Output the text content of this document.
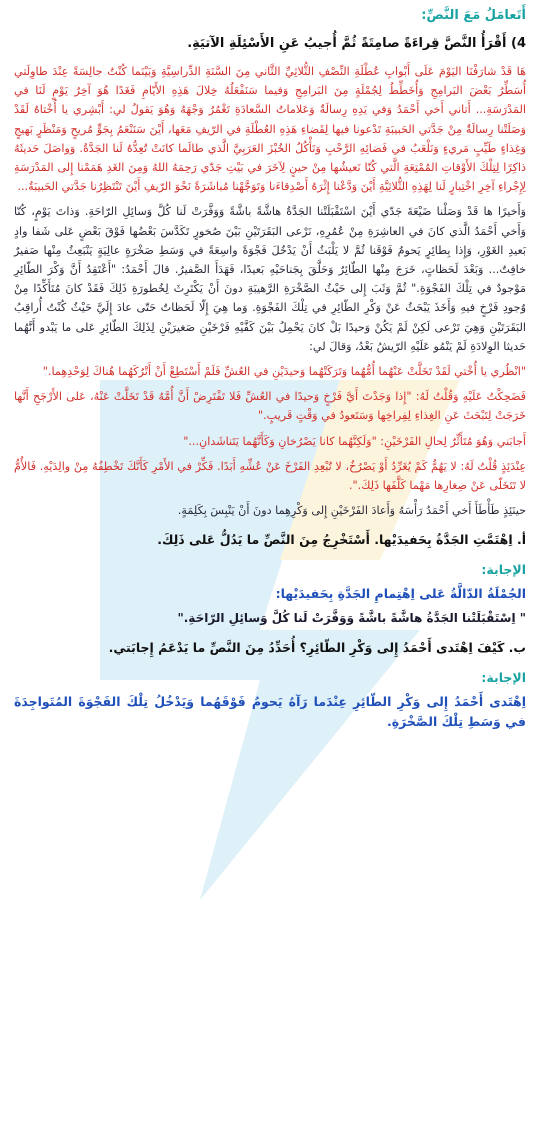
أَتَعامَلُ مَعَ النَّصِّ:
4) أَقْرَأُ النَّصَّ قِراءَةً صامِتَةً ثُمَّ أُجيبُ عَنِ الأَسْئِلَةِ الآتيَةِ.
هَا قَدْ شارَفْنَا اليَوْمَ عَلَى أَبْوابِ عُطْلَةِ النِّصْفِ الثُّلاثِيِّ الثَّاني مِنَ السَّنَةِ الدِّراسِيَّةِ وَبَيْنَما كُنْتُ جالِسَةً عِنْدَ طاوِلَتي أُسَطِّرُ بَعْضَ البَرامِجِ وَأُخَطِّطُ لِجُمْلَةٍ مِنَ البَرامِجِ وَفيما سَنَفْعَلُهُ خِلالَ هَذِهِ الأَيّامِ فَغَدًا هُوَ آخِرُ يَوْمٍ لَنَا في المَدْرَسَةِ... أَتاني أَخي أَحْمَدُ وَفي يَدِهِ رِسالَةٌ وَعَلاماتُ السَّعادَةِ تَغْمُرُ وَجْهَهُ وَهُوَ يَقولُ لي: أَبْشِري يا أُخْتاهُ لَقَدْ وَصَلَتْنا رِسالَةٌ مِنْ جَدَّتي الحَبيبَةِ تَدْعونا فيها لِقَضاءِ هَذِهِ العُطْلَةِ في الرّيفِ مَعَها، أَيْنَ سَنَنْعَمُ بِجَوٍّ مُريحٍ وَمَنْظَرٍ بَهيجٍ وَغِذاءٍ طَيِّبٍ مَريءٍ وَنَلْعَبُ في فَضائِهِ الرَّحْبِ وَنَأْكُلُ الخُبْزَ العَرَبِيَّ الَّذي طالَما كانَتْ تُعِدُّهُ لَنا الجَدَّةُ. وَواصَلَ حَديثَهُ ذاكِرًا لِتِلْكَ الأَوْقاتِ المُمْتِعَةِ الَّتي كُنّا نَعيشُها مِنْ حينٍ لِآخَرَ في بَيْتِ جَدّي رَحِمَهُ اللهُ وَمِنَ الغَدِ هَمَمْنا إِلى المَدْرَسَةِ لِإِجْراءِ آخِرِ اخْتِبارٍ لَنا لِهَذِهِ الثُّلاثِيَّةِ أَيْنَ وَدَّعْنا إِثْرَهُ أَصْدِقاءَنا وَتَوَجَّهْنا مُباشَرَةً نَحْوَ الرّيفِ أَيْنَ تَنْتَظِرُنا جَدَّتي الحَبيبَةُ...
وَأَخيرًا ها قَدْ وَصَلْنا ضَيْعَةَ جَدّي أَيْنَ اسْتَقْبَلَتْنا الجَدَّةُ هاشَّةً باشَّةً وَوَفَّرَتْ لَنا كُلَّ وَسائِلِ الرّاحَةِ. وَذاتَ يَوْمٍ، كُنّا وَأَخي أَحْمَدُ الَّذي كانَ في العاشِرَةِ مِنْ عُمُرِهِ، نَرْعى البَقَرَتَيْنِ بَيْنَ صُخورٍ تَكَدَّسَ بَعْضُها فَوْقَ بَعْضٍ عَلى شَفا وادٍ بَعيدِ الغَوْرِ، وَإِذا بِطائِرٍ يَحومُ فَوْقَنا ثُمَّ لا يَلْبَثُ أَنْ يَدْخُلَ فَجْوَةً واسِعَةً في وَسَطِ صَخْرَةٍ عالِيَةٍ يَنْبَعِثُ مِنْها صَفيرٌ خافِتٌ... وَبَعْدَ لَحَظاتٍ، خَرَجَ مِنْها الطّائِرُ وَحَلَّقَ بِجَناحَيْهِ بَعيدًا، فَهَدَأَ الصَّفيرُ. قالَ أَحْمَدُ: "أَعْتَقِدُ أَنَّ وَكْرَ الطّائِرِ مَوْجودٌ في تِلْكَ الفَجْوَةِ." ثُمَّ وَثَبَ إِلى حَيْثُ الصَّخْرَةِ الرَّهيبَةِ دونَ أَنْ يَكْتَرِثَ لِخُطورَةِ ذَلِكَ فَقَدْ كانَ مُتَأَكِّدًا مِنْ وُجودِ فَرْخٍ فيهِ وَأَخَذَ يَبْحَثُ عَنْ وَكْرِ الطّائِرِ في تِلْكَ الفَجْوَةِ. وَما هِيَ إِلّا لَحَظاتٌ حَتّى عادَ إِلَيَّ حَيْثُ كُنْتُ أُراقِبُ البَقَرَتَيْنِ وَهِيَ تَرْعى لَكِنْ لَمْ يَكُنْ وَحيدًا بَلْ كانَ يَحْمِلُ بَيْنَ كَفَّيْهِ فَرْخَيْنِ صَغيرَيْنِ لِذَلِكَ الطّائِرِ عَلى ما يَبْدو أَنَّهُما حَديثا الوِلادَةِ لَمْ يَنْمُو عَلَيْهِ الرّيشُ بَعْدُ، وَقالَ لي:
"انْظُري يا أُخْتي لَقَدْ تَخَلَّتْ عَنْهُما أُمُّهُما وَتَرَكَتْهُما وَحيدَيْنِ في العُشِّ فَلَمْ أَسْتَطِعْ أَنْ أَتْرُكَهُما هُناكَ لِوَحْدِهِما."
فَضَحِكْتُ عَلَيْهِ وَقُلْتُ لَهُ: "إِذا وَجَدْتَ أَيَّ فَرْخٍ وَحيدًا في العُشِّ فَلا تَفْتَرِضْ أَنَّ أُمَّهُ قَدْ تَخَلَّتْ عَنْهُ، عَلى الأَرْجَحِ أَنَّها خَرَجَتْ لِتَبْحَثَ عَنِ الغِذاءِ لِفِراخِها وَسَتَعودُ في وَقْتٍ قَريبٍ."
أَجابَني وَهُوَ مُتَأَثِّرٌ لِحالِ الفَرْخَيْنِ: "وَلَكِنَّهُما كانا يَصْرُخانِ وَكَأَنَّهُما يَتَناشَدانِ..."
عِنْدَئِذٍ قُلْتُ لَهُ: لا يَهُمُّ كَمْ يُغَرِّدُ أَوْ يَصْرُخُ، لا تُبْعِدِ الفَرْخَ عَنْ عُشِّهِ أَبَدًا. فَكِّرْ في الأَمْرِ كَأَنَّكَ تَخْطِفُهُ مِنْ والِدَيْهِ. فَالأُمُّ لا تَتَخَلّى عَنْ صِغارِها مَهْما كَلَّفَها ذَلِكَ.".
حينَئِذٍ طَأْطَأَ أَخي أَحْمَدُ رَأْسَهُ وَأَعادَ الفَرْخَيْنِ إِلى وَكْرِهِما دونَ أَنْ يَنْبِسَ بِكَلِمَةٍ.
أ. اِهْتَمَّتِ الجَدَّةُ بِحَفيدَيْها. أَسْتَخْرِجُ مِنَ النَّصِّ ما يَدُلُّ عَلى ذَلِكَ.
الإجابة:
الجُمْلَةُ الدّالَّةُ عَلى اِهْتِمامِ الجَدَّةِ بِحَفيدَيْها:
" اِسْتَقْبَلَتْنا الجَدَّةُ هاشَّةً باشَّةً وَوَفَّرَتْ لَنا كُلَّ وَسائِلِ الرّاحَةِ."
ب. كَيْفَ اِهْتَدى أَحْمَدُ إِلى وَكْرِ الطّائِرِ؟ أُحَدِّدُ مِنَ النَّصِّ ما يَدْعَمُ إِجابَتي.
الإجابة:
اِهْتَدى أَحْمَدُ إِلى وَكْرِ الطّائِرِ عِنْدَما رَآهُ يَحومُ فَوْقَهُما وَيَدْخُلُ تِلْكَ الفَجْوَةَ المُتَواجِدَةَ في وَسَطِ تِلْكَ الصَّخْرَةِ.
